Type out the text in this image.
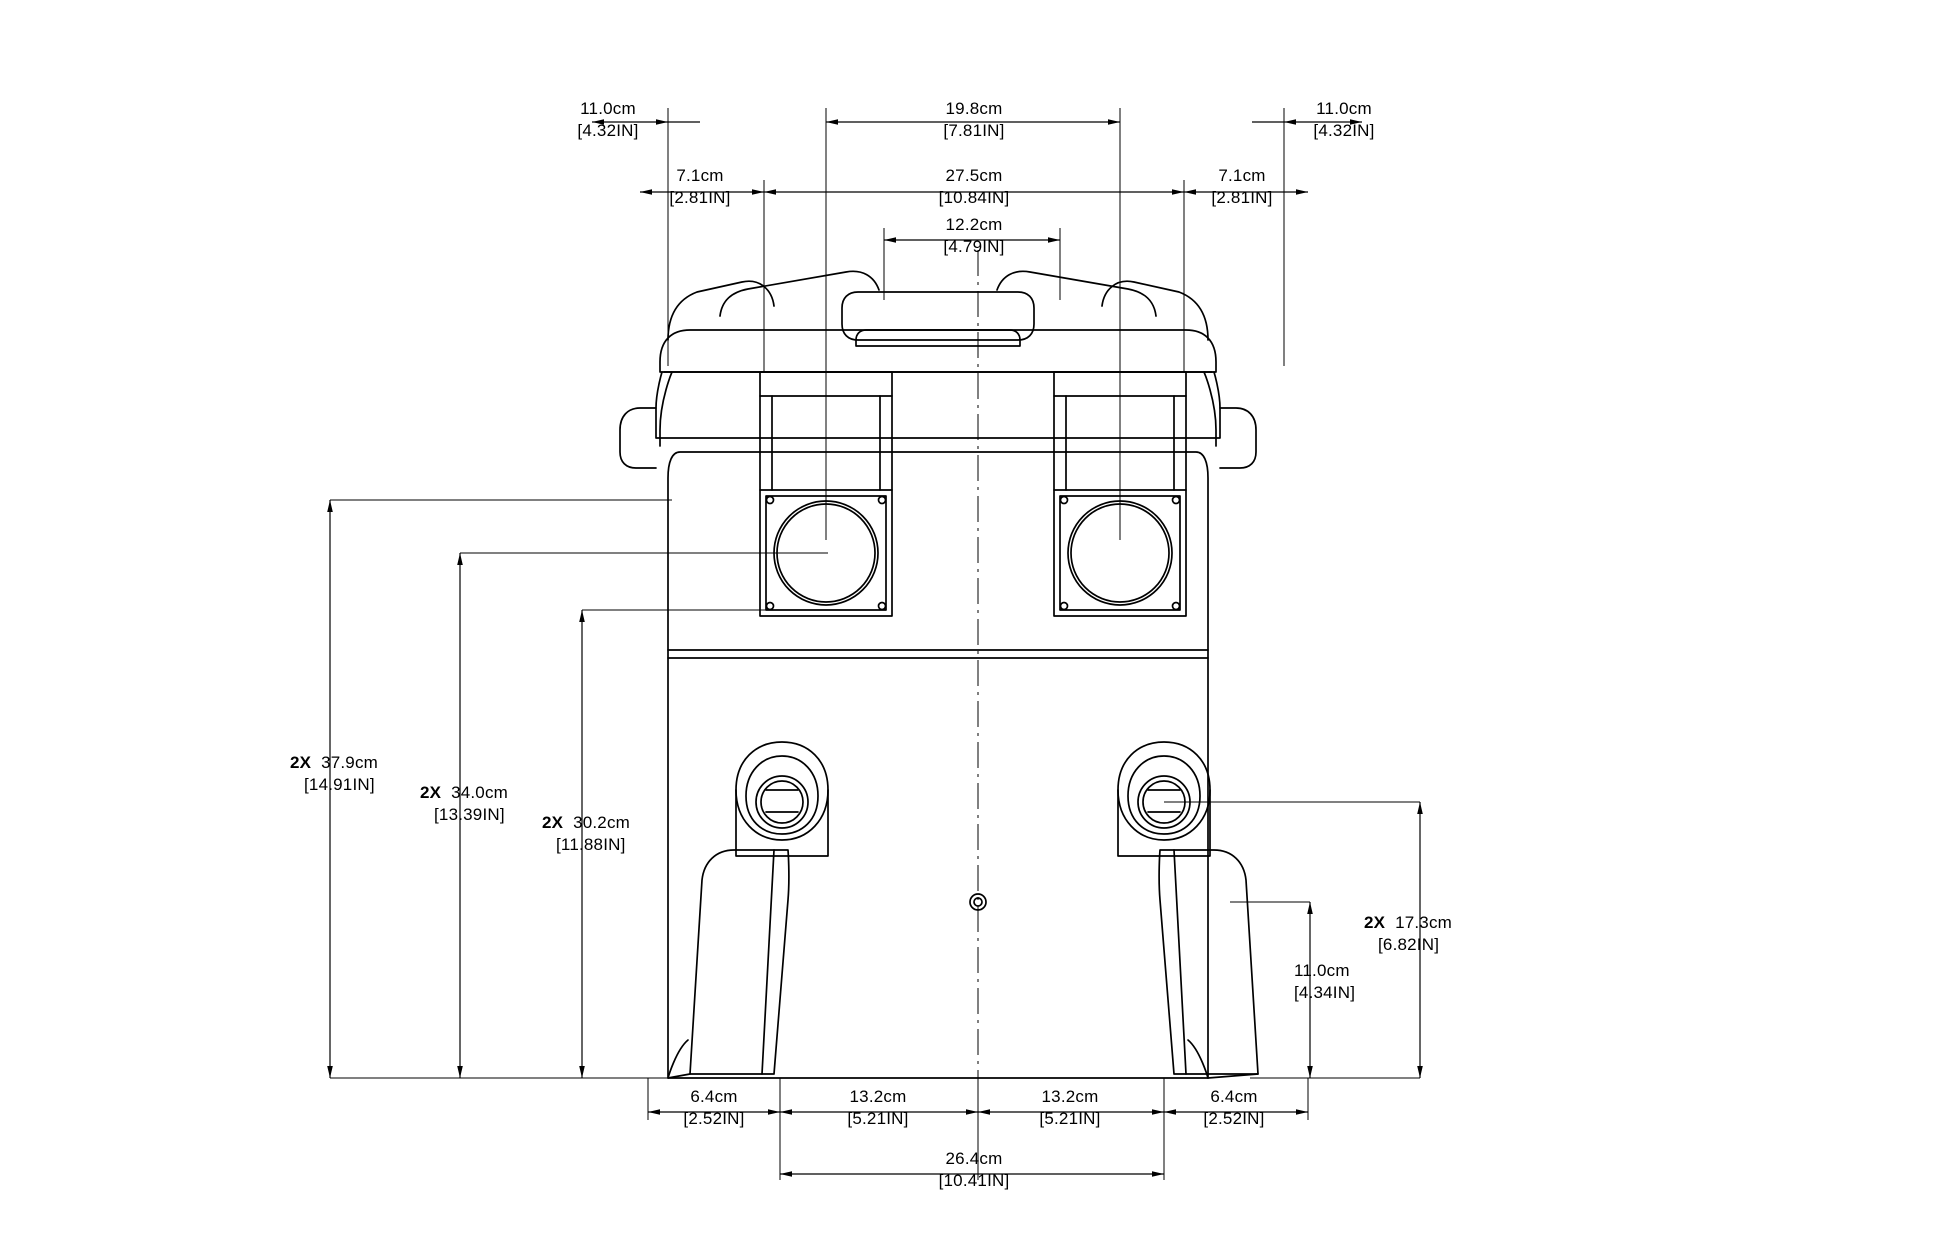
11.0cm
[4.32IN]
19.8cm
[7.81IN]
11.0cm
[4.32IN]
7.1cm
[2.81IN]
27.5cm
[10.84IN]
7.1cm
[2.81IN]
12.2cm
[4.79IN]
2X 37.9cm
[14.91IN]	2X 34.0cm
[13.39IN] 2X 30.2cm
[11.88IN]
2X 17.3cm
[6.82IN]
11.0cm
[4.34IN]
6.4cm
[2.52IN]
13.2cm
[5.21IN]
13.2cm
[5.21IN]
6.4cm
[2.52IN]
26.4cm
[10.41IN]
